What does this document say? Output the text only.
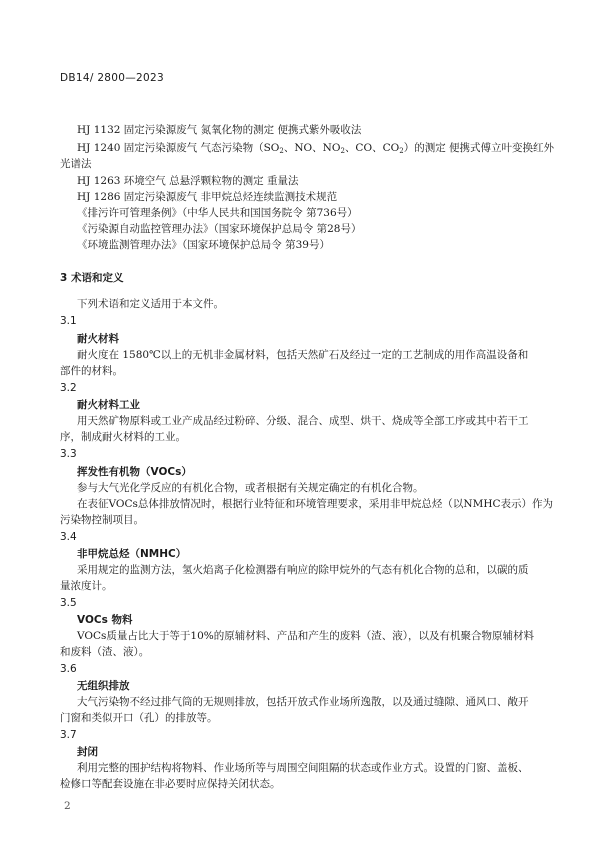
DB14/ 2800—2023
HJ 1132 固定污染源废气 氮氧化物的测定 便携式紫外吸收法
HJ 1240 固定污染源废气 气态污染物（$SO_2$、NO、$NO_2$、CO、$CO_2$）的测定 便携式傅立叶变换红外
光谱法
HJ 1263 环境空气 总悬浮颗粒物的测定 重量法
HJ 1286 固定污染源废气 非甲烷总烃连续监测技术规范
《排污许可管理条例》（中华人民共和国国务院令 第736号）
《污染源自动监控管理办法》（国家环境保护总局令 第28号）
《环境监测管理办法》（国家环境保护总局令 第39号）
3 术语和定义
下列术语和定义适用于本文件。
3.1
耐火材料
耐火度在 1580℃以上的无机非金属材料，包括天然矿石及经过一定的工艺制成的用作高温设备和
部件的材料。
3.2
耐火材料工业
用天然矿物原料或工业产成品经过粉碎、分级、混合、成型、烘干、烧成等全部工序或其中若干工
序，制成耐火材料的工业。
3.3
挥发性有机物（VOCs）
参与大气光化学反应的有机化合物，或者根据有关规定确定的有机化合物。
在表征VOCs总体排放情况时，根据行业特征和环境管理要求，采用非甲烷总烃（以NMHC表示）作为
污染物控制项目。
3.4
非甲烷总烃（NMHC）
采用规定的监测方法，氢火焰离子化检测器有响应的除甲烷外的气态有机化合物的总和，以碳的质
量浓度计。
3.5
VOCs 物料
VOCs质量占比大于等于10%的原辅材料、产品和产生的废料（渣、液），以及有机聚合物原辅材料
和废料（渣、液）。
3.6
无组织排放
大气污染物不经过排气筒的无规则排放，包括开放式作业场所逸散，以及通过缝隙、通风口、敞开
门窗和类似开口（孔）的排放等。
3.7
封闭
利用完整的围护结构将物料、作业场所等与周围空间阻隔的状态或作业方式。设置的门窗、盖板、
检修口等配套设施在非必要时应保持关闭状态。
2
